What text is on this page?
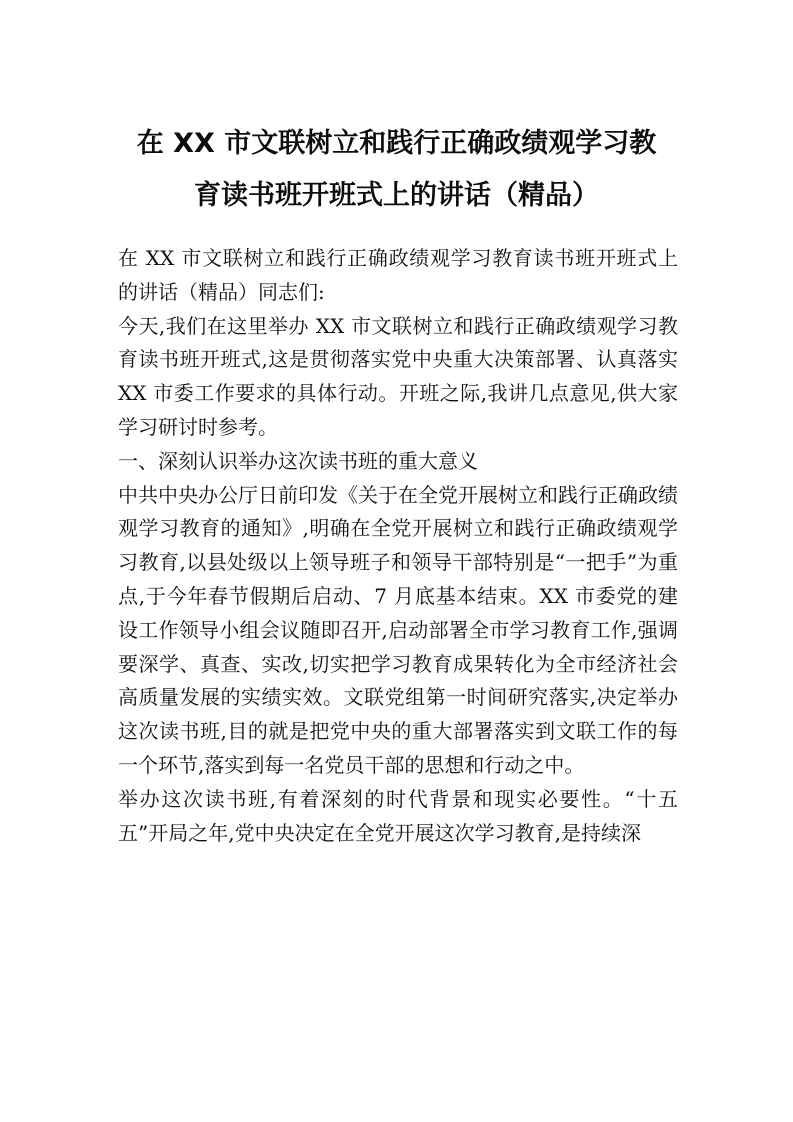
在 XX 市文联树立和践行正确政绩观学习教
育读书班开班式上的讲话（精品）

在 XX 市文联树立和践行正确政绩观学习教育读书班开班式上的讲话（精品）同志们:

今天,我们在这里举办 XX 市文联树立和践行正确政绩观学习教育读书班开班式,这是贯彻落实党中央重大决策部署、认真落实 XX 市委工作要求的具体行动。开班之际,我讲几点意见,供大家学习研讨时参考。

一、深刻认识举办这次读书班的重大意义

中共中央办公厅日前印发《关于在全党开展树立和践行正确政绩观学习教育的通知》,明确在全党开展树立和践行正确政绩观学习教育,以县处级以上领导班子和领导干部特别是“一把手”为重点,于今年春节假期后启动、7 月底基本结束。XX 市委党的建设工作领导小组会议随即召开,启动部署全市学习教育工作,强调要深学、真查、实改,切实把学习教育成果转化为全市经济社会高质量发展的实绩实效。文联党组第一时间研究落实,决定举办这次读书班,目的就是把党中央的重大部署落实到文联工作的每一个环节,落实到每一名党员干部的思想和行动之中。

举办这次读书班,有着深刻的时代背景和现实必要性。“十五五”开局之年,党中央决定在全党开展这次学习教育,是持续深
